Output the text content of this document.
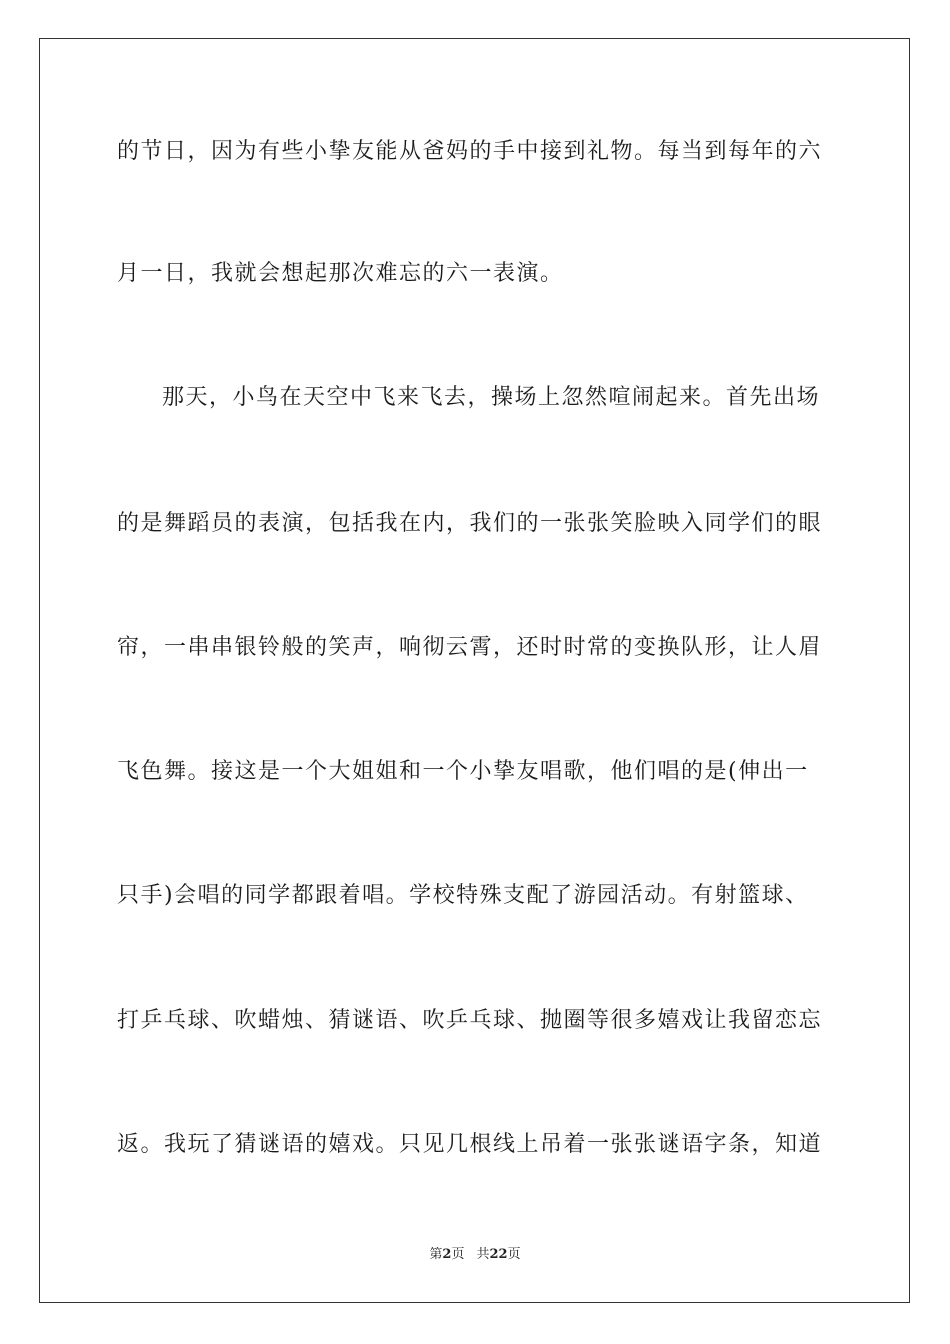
的节日，因为有些小挚友能从爸妈的手中接到礼物。每当到每年的六
月一日，我就会想起那次难忘的六一表演。
那天，小鸟在天空中飞来飞去，操场上忽然喧闹起来。首先出场
的是舞蹈员的表演，包括我在内，我们的一张张笑脸映入同学们的眼
帘，一串串银铃般的笑声，响彻云霄，还时时常的变换队形，让人眉
飞色舞。接这是一个大姐姐和一个小挚友唱歌，他们唱的是(伸出一
只手)会唱的同学都跟着唱。学校特殊支配了游园活动。有射篮球、
打乒乓球、吹蜡烛、猜谜语、吹乒乓球、抛圈等很多嬉戏让我留恋忘
返。我玩了猜谜语的嬉戏。只见几根线上吊着一张张谜语字条，知道
第2页 共22页
